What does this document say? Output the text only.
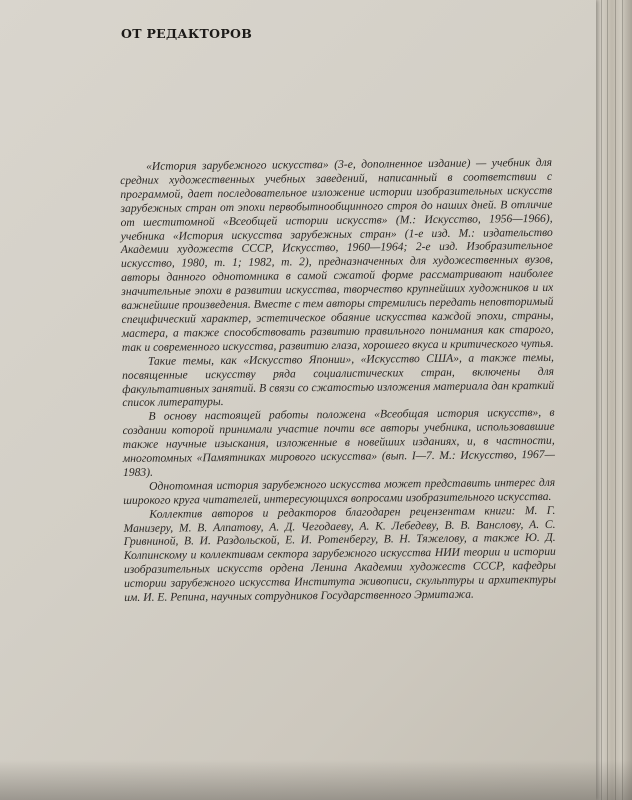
ОТ РЕДАКТОРОВ

«История зарубежного искусства» (3-е, дополненное издание) — учебник для средних художественных учебных заведений, написанный в соответствии с программой, дает последовательное изложение истории изобразительных искусств зарубежных стран от эпохи первобытнообщинного строя до наших дней. В отличие от шеститомной «Всеобщей истории искусств» (М.: Искусство, 1956—1966), учебника «История искусства зарубежных стран» (1-е изд. М.: издательство Академии художеств СССР, Искусство, 1960—1964; 2-е изд. Изобразительное искусство, 1980, т. 1; 1982, т. 2), предназначенных для художественных вузов, авторы данного однотомника в самой сжатой форме рассматривают наиболее значительные эпохи в развитии искусства, творчество крупнейших художников и их важнейшие произведения. Вместе с тем авторы стремились передать неповторимый специфический характер, эстетическое обаяние искусства каждой эпохи, страны, мастера, а также способствовать развитию правильного понимания как старого, так и современного искусства, развитию глаза, хорошего вкуса и критического чутья.

Такие темы, как «Искусство Японии», «Искусство США», а также темы, посвященные искусству ряда социалистических стран, включены для факультативных занятий. В связи со сжатостью изложения материала дан краткий список литературы.

В основу настоящей работы положена «Всеобщая история искусств», в создании которой принимали участие почти все авторы учебника, использовавшие также научные изыскания, изложенные в новейших изданиях, и, в частности, многотомных «Памятниках мирового искусства» (вып. I—7. М.: Искусство, 1967—1983).

Однотомная история зарубежного искусства может представить интерес для широкого круга читателей, интересующихся вопросами изобразительного искусства.

Коллектив авторов и редакторов благодарен рецензентам книги: М. Г. Манизеру, М. В. Алпатову, А. Д. Чегодаеву, А. К. Лебедеву, В. В. Ванслову, А. С. Гривниной, В. И. Раздольской, Е. И. Ротенбергу, В. Н. Тяжелову, а также Ю. Д. Колпинскому и коллективам сектора зарубежного искусства НИИ теории и истории изобразительных искусств ордена Ленина Академии художеств СССР, кафедры истории зарубежного искусства Института живописи, скульптуры и архитектуры им. И. Е. Репина, научных сотрудников Государственного Эрмитажа.
